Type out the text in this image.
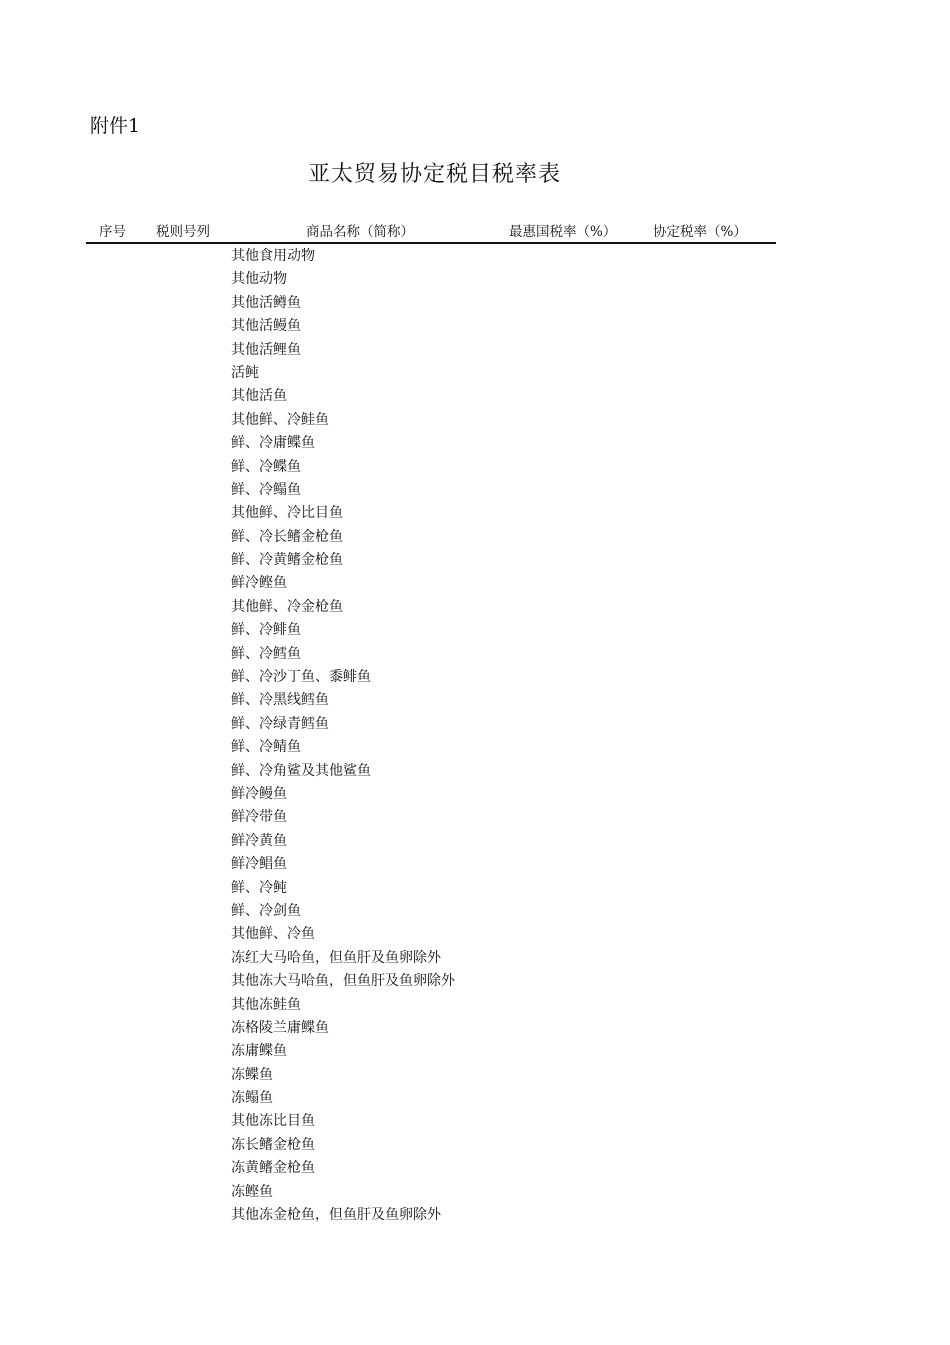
附件1
亚太贸易协定税目税率表
序号 税则号列	商品名称（简称）	最惠国税率（%）	协定税率（%）
其他食用动物
其他动物
其他活鳟鱼
其他活鳗鱼
其他活鲤鱼
活鲀
其他活鱼
其他鲜、冷鲑鱼
鲜、冷庸鲽鱼
鲜、冷鲽鱼
鲜、冷鳎鱼
其他鲜、冷比目鱼
鲜、冷长鳍金枪鱼
鲜、冷黄鳍金枪鱼
鲜冷鲣鱼
其他鲜、冷金枪鱼
鲜、冷鲱鱼
鲜、冷鳕鱼
鲜、冷沙丁鱼、黍鲱鱼
鲜、冷黑线鳕鱼
鲜、冷绿青鳕鱼
鲜、冷鲭鱼
鲜、冷角鲨及其他鲨鱼
鲜冷鳗鱼
鲜冷带鱼
鲜冷黄鱼
鲜冷鲳鱼
鲜、冷鲀
鲜、冷剑鱼
其他鲜、冷鱼
冻红大马哈鱼，但鱼肝及鱼卵除外
其他冻大马哈鱼，但鱼肝及鱼卵除外
其他冻鲑鱼
冻格陵兰庸鲽鱼
冻庸鲽鱼
冻鲽鱼
冻鳎鱼
其他冻比目鱼
冻长鳍金枪鱼
冻黄鳍金枪鱼
冻鲣鱼
其他冻金枪鱼，但鱼肝及鱼卵除外
